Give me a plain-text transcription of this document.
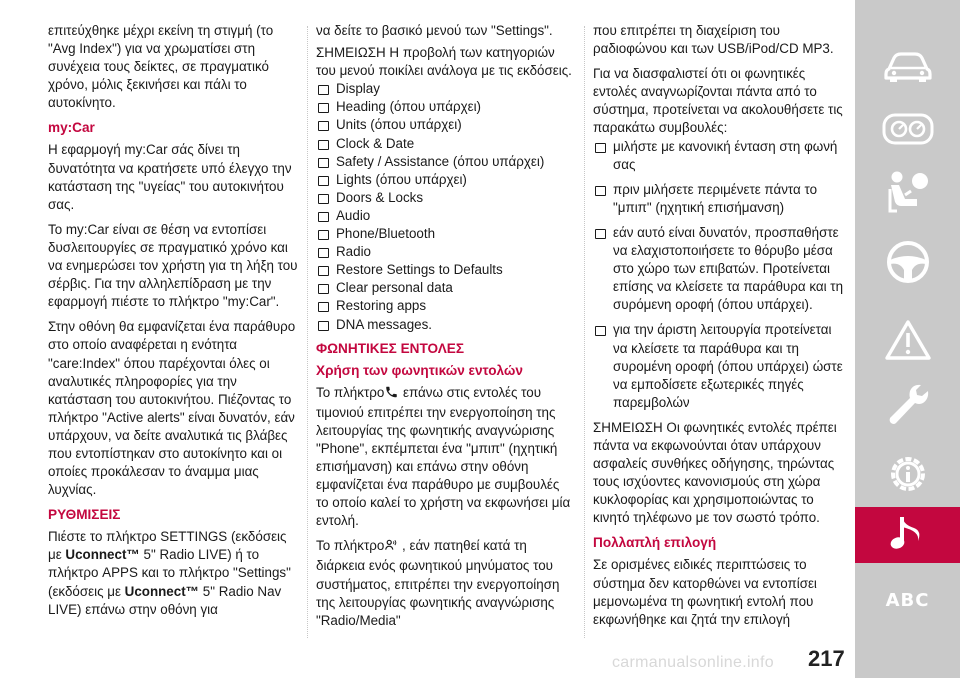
επιτεύχθηκε μέχρι εκείνη τη στιγμή (το "Avg Index") για να χρωματίσει στη συνέχεια τους δείκτες, σε πραγματικό χρόνο, μόλις ξεκινήσει και πάλι το αυτοκίνητο.

my:Car

Η εφαρμογή my:Car σάς δίνει τη δυνατότητα να κρατήσετε υπό έλεγχο την κατάσταση της "υγείας" του αυτοκινήτου σας.

Το my:Car είναι σε θέση να εντοπίσει δυσλειτουργίες σε πραγματικό χρόνο και να ενημερώσει τον χρήστη για τη λήξη του σέρβις. Για την αλληλεπίδραση με την εφαρμογή πιέστε το πλήκτρο "my:Car".

Στην οθόνη θα εμφανίζεται ένα παράθυρο στο οποίο αναφέρεται η ενότητα "care:Index" όπου παρέχονται όλες οι αναλυτικές πληροφορίες για την κατάσταση του αυτοκινήτου. Πιέζοντας το πλήκτρο "Active alerts" είναι δυνατόν, εάν υπάρχουν, να δείτε αναλυτικά τις βλάβες που εντοπίστηκαν στο αυτοκίνητο και οι οποίες προκάλεσαν το άναμμα μιας λυχνίας.

ΡΥΘΜΙΣΕΙΣ

Πιέστε το πλήκτρο SETTINGS (εκδόσεις με Uconnect™ 5" Radio LIVE) ή το πλήκτρο APPS και το πλήκτρο "Settings" (εκδόσεις με Uconnect™ 5" Radio Nav LIVE) επάνω στην οθόνη για

να δείτε το βασικό μενού των "Settings".

ΣΗΜΕΙΩΣΗ Η προβολή των κατηγοριών του μενού ποικίλει ανάλογα με τις εκδόσεις.

Display
Heading (όπου υπάρχει)
Units (όπου υπάρχει)
Clock & Date
Safety / Assistance (όπου υπάρχει)
Lights (όπου υπάρχει)
Doors & Locks
Audio
Phone/Bluetooth
Radio
Restore Settings to Defaults
Clear personal data
Restoring apps
DNA messages.
ΦΩΝΗΤΙΚΕΣ ΕΝΤΟΛΕΣ
Χρήση των φωνητικών εντολών

Το πλήκτρο επάνω στις εντολές του τιμονιού επιτρέπει την ενεργοποίηση της λειτουργίας της φωνητικής αναγνώρισης "Phone", εκπέμπεται ένα "μπιπ" (ηχητική επισήμανση) και επάνω στην οθόνη εμφανίζεται ένα παράθυρο με συμβουλές το οποίο καλεί το χρήστη να εκφωνήσει μία εντολή.

Το πλήκτρο , εάν πατηθεί κατά τη διάρκεια ενός φωνητικού μηνύματος του συστήματος, επιτρέπει την ενεργοποίηση της λειτουργίας φωνητικής αναγνώρισης "Radio/Media"

που επιτρέπει τη διαχείριση του ραδιοφώνου και των USB/iPod/CD MP3.

Για να διασφαλιστεί ότι οι φωνητικές εντολές αναγνωρίζονται πάντα από το σύστημα, προτείνεται να ακολουθήσετε τις παρακάτω συμβουλές:

μιλήστε με κανονική ένταση στη φωνή σας

πριν μιλήσετε περιμένετε πάντα το "μπιπ" (ηχητική επισήμανση)

εάν αυτό είναι δυνατόν, προσπαθήστε να ελαχιστοποιήσετε το θόρυβο μέσα στο χώρο των επιβατών. Προτείνεται επίσης να κλείσετε τα παράθυρα και τη συρόμενη οροφή (όπου υπάρχει).

για την άριστη λειτουργία προτείνεται να κλείσετε τα παράθυρα και τη συρομένη οροφή (όπου υπάρχει) ώστε να εμποδίσετε εξωτερικές πηγές παρεμβολών

ΣΗΜΕΙΩΣΗ Οι φωνητικές εντολές πρέπει πάντα να εκφωνούνται όταν υπάρχουν ασφαλείς συνθήκες οδήγησης, τηρώντας τους ισχύοντες κανονισμούς στη χώρα κυκλοφορίας και χρησιμοποιώντας το κινητό τηλέφωνο με τον σωστό τρόπο.

Πολλαπλή επιλογή

Σε ορισμένες ειδικές περιπτώσεις το σύστημα δεν κατορθώνει να εντοπίσει μεμονωμένα τη φωνητική εντολή που εκφωνήθηκε και ζητά την επιλογή

ABC
carmanualsonline.info 217
